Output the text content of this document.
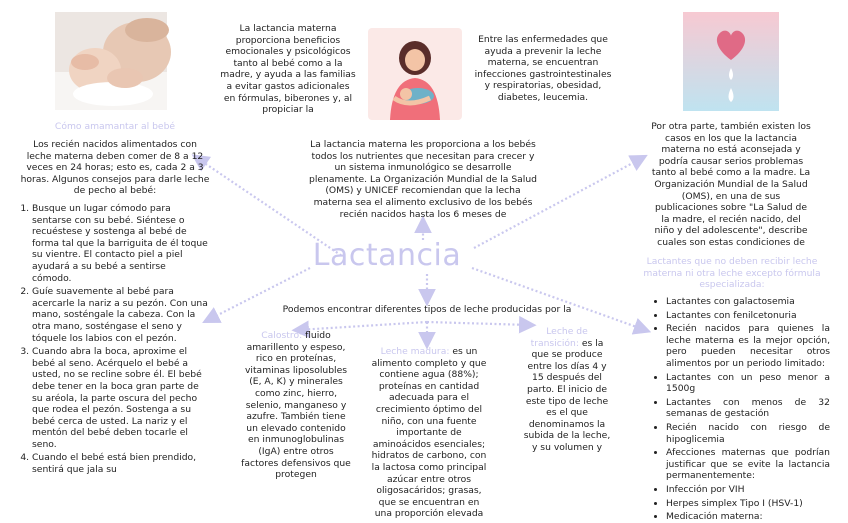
La lactancia materna proporciona beneficios emocionales y psicológicos tanto al bebé como a la madre, y ayuda a las familias a evitar gastos adicionales en fórmulas, biberones y, al propiciar la
Entre las enfermedades que ayuda a prevenir la leche materna, se encuentran infecciones gastrointestinales y respiratorias, obesidad, diabetes, leucemia.
La lactancia materna les proporciona a los bebés todos los nutrientes que necesitan para crecer y un sistema inmunológico se desarrolle plenamente. La Organización Mundial de la Salud (OMS) y UNICEF recomiendan que la lecha materna sea el alimento exclusivo de los bebés recién nacidos hasta los 6 meses de
Lactancia
Cómo amamantar al bebé
Los recién nacidos alimentados con leche materna deben comer de 8 a 12 veces en 24 horas; esto es, cada 2 a 3 horas. Algunos consejos para darle leche de pecho al bebé:
1. Busque un lugar cómodo para sentarse con su bebé. Siéntese o recuéstese y sostenga al bebé de forma tal que la barriguita de él toque su vientre. El contacto piel a piel ayudará a su bebé a sentirse cómodo.
2. Guíe suavemente al bebé para acercarle la nariz a su pezón. Con una mano, sosténgale la cabeza. Con la otra mano, sosténgase el seno y tóquele los labios con el pezón.
3. Cuando abra la boca, aproxime el bebé al seno. Acérquelo el bebé a usted, no se recline sobre él. El bebé debe tener en la boca gran parte de su aréola, la parte oscura del pecho que rodea el pezón. Sostenga a su bebé cerca de usted. La nariz y el mentón del bebé deben tocarle el seno.
4. Cuando el bebé está bien prendido, sentirá que jala su
Podemos encontrar diferentes tipos de leche producidas por la
Calostro: fluido amarillento y espeso, rico en proteínas, vitaminas liposolubles (E, A, K) y minerales como zinc, hierro, selenio, manganeso y azufre. También tiene un elevado contenido en inmunoglobulinas (IgA) entre otros factores defensivos que protegen
Leche madura: es un alimento completo y que contiene agua (88%); proteínas en cantidad adecuada para el crecimiento óptimo del niño, con una fuente importante de aminoácidos esenciales; hidratos de carbono, con la lactosa como principal azúcar entre otros oligosacáridos; grasas, que se encuentran en una proporción elevada
Leche de transición: es la que se produce entre los días 4 y 15 después del parto. El inicio de este tipo de leche es el que denominamos la subida de la leche, y su volumen y
Por otra parte, también existen los casos en los que la lactancia materna no está aconsejada y podría causar serios problemas tanto al bebé como a la madre. La Organización Mundial de la Salud (OMS), en una de sus publicaciones sobre "La Salud de la madre, el recién nacido, del niño y del adolescente", describe cuales son estas condiciones de
Lactantes que no deben recibir leche materna ni otra leche excepto fórmula especializada:
• Lactantes con galactosemia
• Lactantes con fenilcetonuria
• Recién nacidos para quienes la leche materna es la mejor opción, pero pueden necesitar otros alimentos por un periodo limitado:
• Lactantes con un peso menor a 1500g
• Lactantes con menos de 32 semanas de gestación
• Recién nacido con riesgo de hipoglicemia
• Afecciones maternas que podrían justificar que se evite la lactancia permanentemente:
• Infección por VIH
• Herpes simplex Tipo I (HSV-1)
• Medicación materna:
